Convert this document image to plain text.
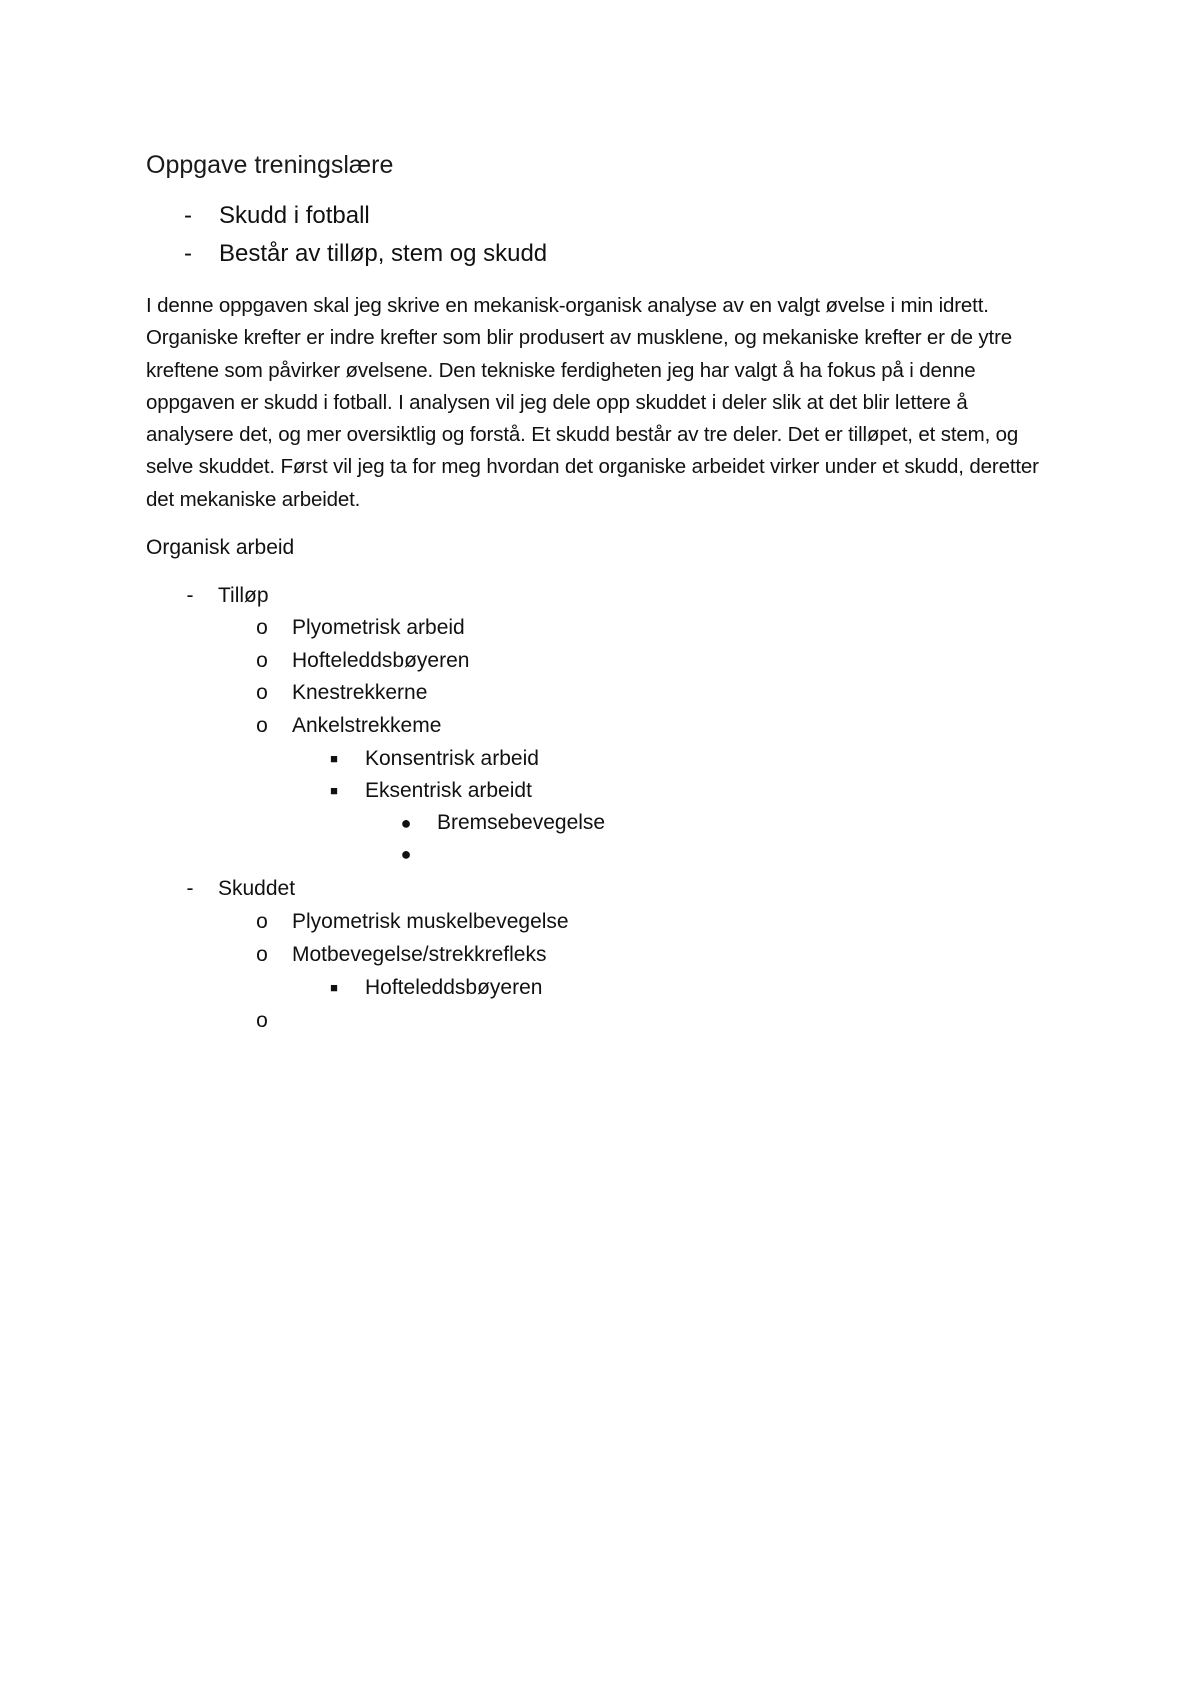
Oppgave treningslære
- Skudd i fotball
- Består av tilløp, stem og skudd

I denne oppgaven skal jeg skrive en mekanisk-organisk analyse av en valgt øvelse i min idrett. Organiske krefter er indre krefter som blir produsert av musklene, og mekaniske krefter er de ytre kreftene som påvirker øvelsene. Den tekniske ferdigheten jeg har valgt å ha fokus på i denne oppgaven er skudd i fotball. I analysen vil jeg dele opp skuddet i deler slik at det blir lettere å analysere det, og mer oversiktlig og forstå. Et skudd består av tre deler. Det er tilløpet, et stem, og selve skuddet. Først vil jeg ta for meg hvordan det organiske arbeidet virker under et skudd, deretter det mekaniske arbeidet.

Organisk arbeid
-	Tilløp
o Plyometrisk arbeid
o Hofteleddsbøyeren
o Knestrekkerne
o Ankelstrekkeme
■ Konsentrisk arbeid
■ Eksentrisk arbeidt
● Bremsebevegelse
●
-	Skuddet
o Plyometrisk muskelbevegelse
o Motbevegelse/strekkrefleks
■ Hofteleddsbøyeren
o
